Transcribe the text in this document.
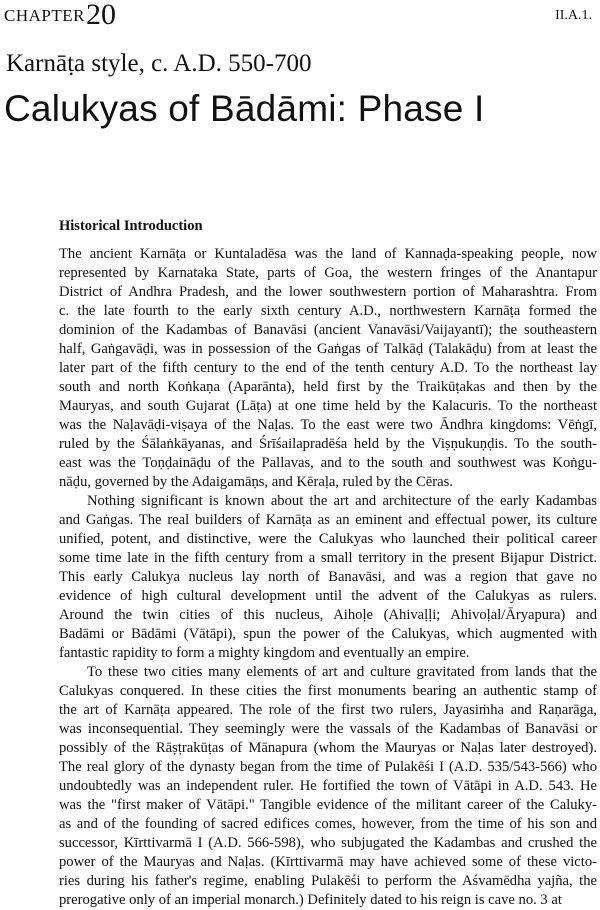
CHAPTER 20	II.A.1.
Karnāṭa style, c. A.D. 550-700
Calukyas of Bādāmi: Phase I
Historical Introduction
The ancient Karnāṭa or Kuntaladēsa was the land of Kannaḍa-speaking people, now
represented by Karnataka State, parts of Goa, the western fringes of the Anantapur
District of Andhra Pradesh, and the lower southwestern portion of Maharashtra. From
c. the late fourth to the early sixth century A.D., northwestern Karnāṭa formed the
dominion of the Kadambas of Banavāsi (ancient Vanavāsi/Vaijayantī); the southeastern
half, Gaṅgavāḍi, was in possession of the Gaṅgas of Talkāḍ (Talakāḍu) from at least the
later part of the fifth century to the end of the tenth century A.D. To the northeast lay
south and north Koṅkaṇa (Aparānta), held first by the Traikūṭakas and then by the
Mauryas, and south Gujarat (Lāṭa) at one time held by the Kalacuris. To the northeast
was the Naḷavāḍi-viṣaya of the Naḷas. To the east were two Āndhra kingdoms: Vēṅgī,
ruled by the Śālaṅkāyanas, and Śrīśailapradēśa held by the Viṣṇukuṇḍis. To the south-
east was the Toṇḍaināḍu of the Pallavas, and to the south and southwest was Koṅgu-
nāḍu, governed by the Adaigamāṇs, and Kēraḷa, ruled by the Cēras.
Nothing significant is known about the art and architecture of the early Kadambas
and Gaṅgas. The real builders of Karnāṭa as an eminent and effectual power, its culture
unified, potent, and distinctive, were the Calukyas who launched their political career
some time late in the fifth century from a small territory in the present Bijapur District.
This early Calukya nucleus lay north of Banavāsi, and was a region that gave no
evidence of high cultural development until the advent of the Calukyas as rulers.
Around the twin cities of this nucleus, Aihoḷe (Ahivaḷḷi; Ahivoḷal/Āryapura) and
Badāmi or Bādāmi (Vātāpi), spun the power of the Calukyas, which augmented with
fantastic rapidity to form a mighty kingdom and eventually an empire.
To these two cities many elements of art and culture gravitated from lands that the
Calukyas conquered. In these cities the first monuments bearing an authentic stamp of
the art of Karnāṭa appeared. The role of the first two rulers, Jayasiṁha and Raṇarāga,
was inconsequential. They seemingly were the vassals of the Kadambas of Banavāsi or
possibly of the Rāṣṭrakūṭas of Mānapura (whom the Mauryas or Naḷas later destroyed).
The real glory of the dynasty began from the time of Pulakēśi I (A.D. 535/543-566) who
undoubtedly was an independent ruler. He fortified the town of Vātāpi in A.D. 543. He
was the "first maker of Vātāpi." Tangible evidence of the militant career of the Caluky-
as and of the founding of sacred edifices comes, however, from the time of his son and
successor, Kīrttivarmā I (A.D. 566-598), who subjugated the Kadambas and crushed the
power of the Mauryas and Naḷas. (Kīrttivarmā may have achieved some of these victo-
ries during his father's regime, enabling Pulakēśi to perform the Aśvamēdha yajña, the
prerogative only of an imperial monarch.) Definitely dated to his reign is cave no. 3 at
